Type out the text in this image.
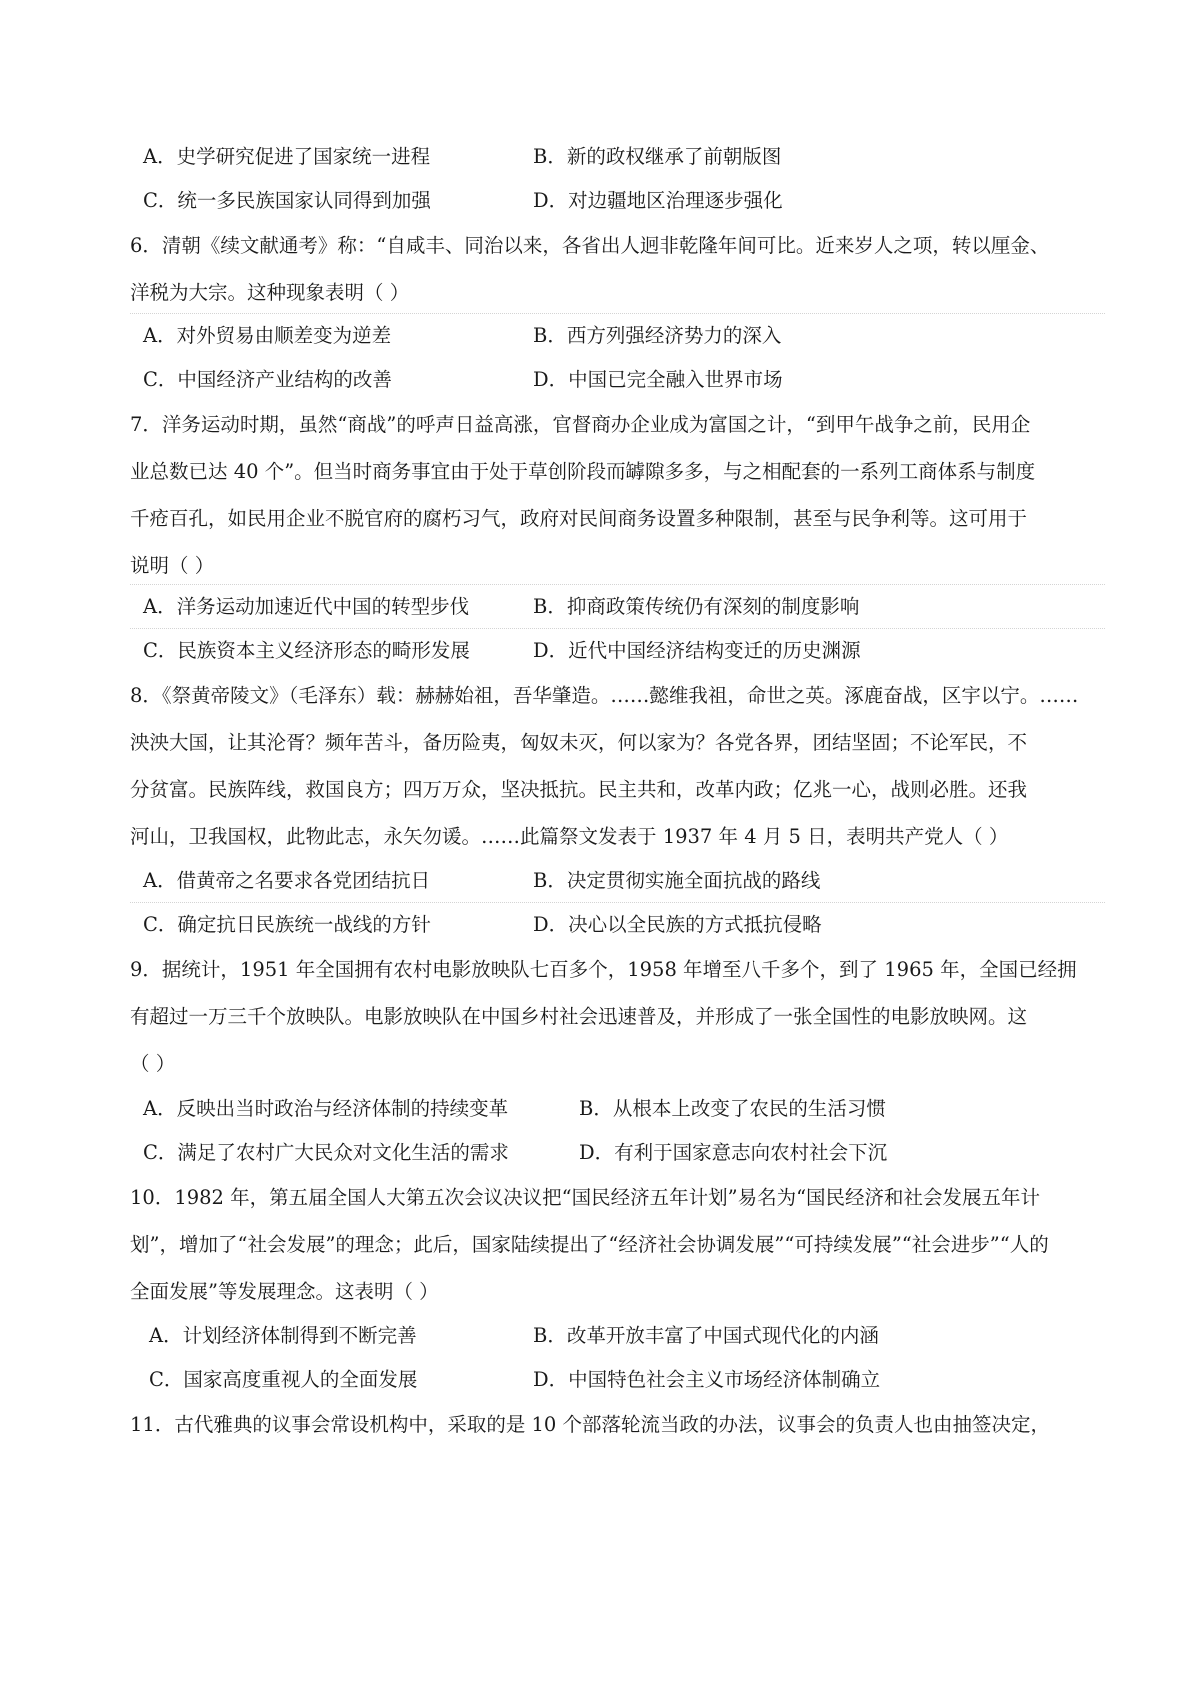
A．史学研究促进了国家统一进程	B．新的政权继承了前朝版图
C．统一多民族国家认同得到加强	D．对边疆地区治理逐步强化
6．清朝《续文献通考》称：“自咸丰、同治以来，各省出人迥非乾隆年间可比。近来岁人之项，转以厘金、
洋税为大宗。这种现象表明（ ）
A．对外贸易由顺差变为逆差	B．西方列强经济势力的深入
C．中国经济产业结构的改善	D．中国已完全融入世界市场
7．洋务运动时期，虽然“商战”的呼声日益高涨，官督商办企业成为富国之计，“到甲午战争之前，民用企
业总数已达 40 个”。但当时商务事宜由于处于草创阶段而罅隙多多，与之相配套的一系列工商体系与制度
千疮百孔，如民用企业不脱官府的腐朽习气，政府对民间商务设置多种限制，甚至与民争利等。这可用于
说明（ ）
A．洋务运动加速近代中国的转型步伐	B．抑商政策传统仍有深刻的制度影响
C．民族资本主义经济形态的畸形发展	D．近代中国经济结构变迁的历史渊源
8．《祭黄帝陵文》（毛泽东）载：赫赫始祖，吾华肇造。……懿维我祖，命世之英。涿鹿奋战，区宇以宁。……
泱泱大国，让其沦胥？频年苦斗，备历险夷，匈奴未灭，何以家为？各党各界，团结坚固；不论军民，不
分贫富。民族阵线，救国良方；四万万众，坚决抵抗。民主共和，改革内政；亿兆一心，战则必胜。还我
河山，卫我国权，此物此志，永矢勿谖。……此篇祭文发表于 1937 年 4 月 5 日，表明共产党人（ ）
A．借黄帝之名要求各党团结抗日	B．决定贯彻实施全面抗战的路线
C．确定抗日民族统一战线的方针	D．决心以全民族的方式抵抗侵略
9．据统计，1951 年全国拥有农村电影放映队七百多个，1958 年增至八千多个，到了 1965 年，全国已经拥
有超过一万三千个放映队。电影放映队在中国乡村社会迅速普及，并形成了一张全国性的电影放映网。这
（ ）
A．反映出当时政治与经济体制的持续变革	B．从根本上改变了农民的生活习惯
C．满足了农村广大民众对文化生活的需求	D．有利于国家意志向农村社会下沉
10．1982 年，第五届全国人大第五次会议决议把“国民经济五年计划”易名为“国民经济和社会发展五年计
划”，增加了“社会发展”的理念；此后，国家陆续提出了“经济社会协调发展”“可持续发展”“社会进步”“人的
全面发展”等发展理念。这表明（ ）
A．计划经济体制得到不断完善	B．改革开放丰富了中国式现代化的内涵
C．国家高度重视人的全面发展	D．中国特色社会主义市场经济体制确立
11．古代雅典的议事会常设机构中，采取的是 10 个部落轮流当政的办法，议事会的负责人也由抽签决定，
